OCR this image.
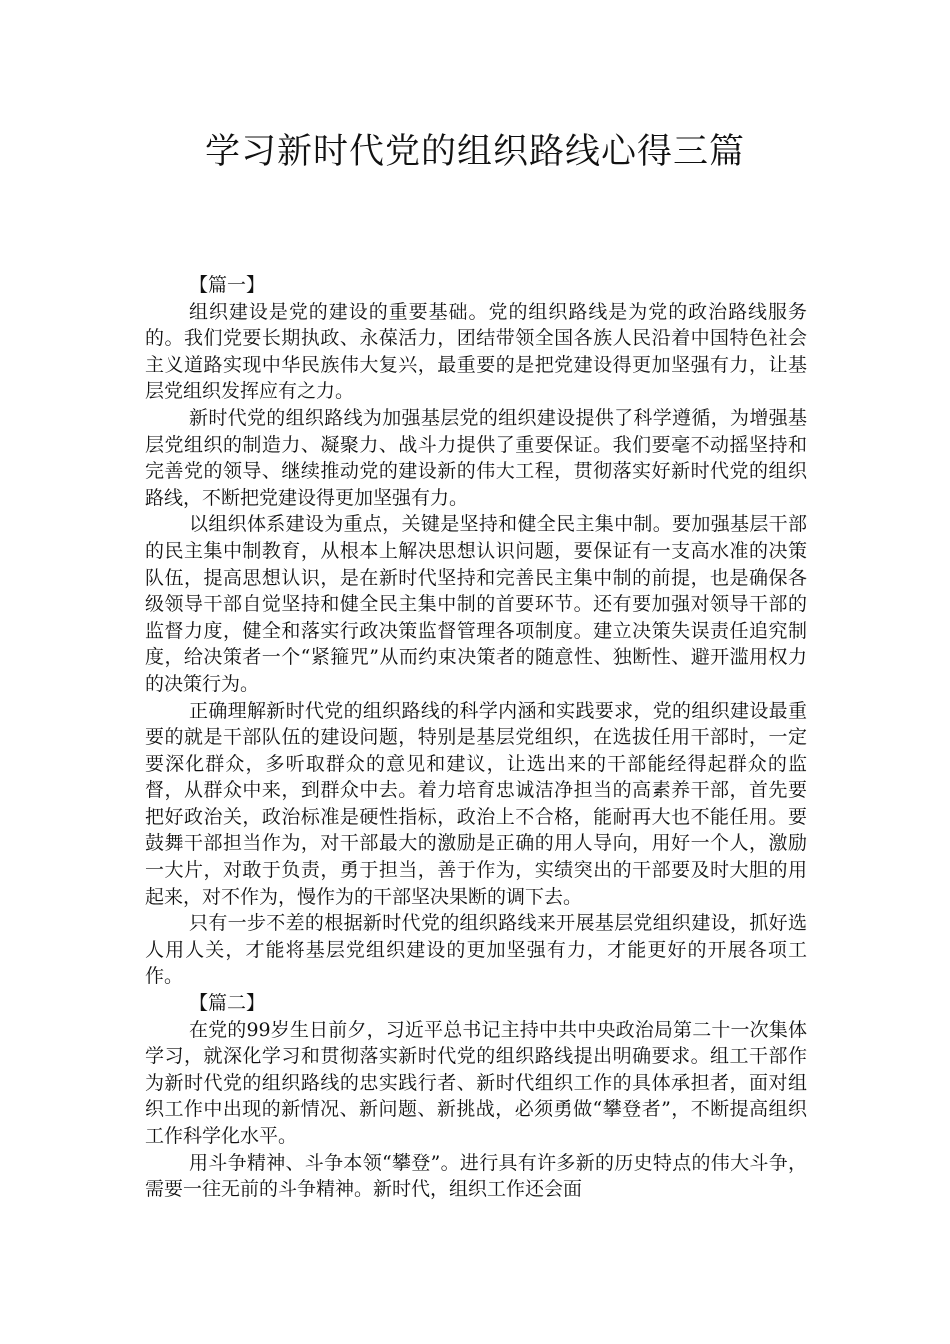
学习新时代党的组织路线心得三篇

【篇一】

组织建设是党的建设的重要基础。党的组织路线是为党的政治路线服务的。我们党要长期执政、永葆活力，团结带领全国各族人民沿着中国特色社会主义道路实现中华民族伟大复兴，最重要的是把党建设得更加坚强有力，让基层党组织发挥应有之力。

新时代党的组织路线为加强基层党的组织建设提供了科学遵循，为增强基层党组织的制造力、凝聚力、战斗力提供了重要保证。我们要毫不动摇坚持和完善党的领导、继续推动党的建设新的伟大工程，贯彻落实好新时代党的组织路线，不断把党建设得更加坚强有力。

以组织体系建设为重点，关键是坚持和健全民主集中制。要加强基层干部的民主集中制教育，从根本上解决思想认识问题，要保证有一支高水准的决策队伍，提高思想认识，是在新时代坚持和完善民主集中制的前提，也是确保各级领导干部自觉坚持和健全民主集中制的首要环节。还有要加强对领导干部的监督力度，健全和落实行政决策监督管理各项制度。建立决策失误责任追究制度，给决策者一个“紧箍咒”从而约束决策者的随意性、独断性、避开滥用权力的决策行为。

正确理解新时代党的组织路线的科学内涵和实践要求，党的组织建设最重要的就是干部队伍的建设问题，特别是基层党组织，在选拔任用干部时，一定要深化群众，多听取群众的意见和建议，让选出来的干部能经得起群众的监督，从群众中来，到群众中去。着力培育忠诚洁净担当的高素养干部，首先要把好政治关，政治标准是硬性指标，政治上不合格，能耐再大也不能任用。要鼓舞干部担当作为，对干部最大的激励是正确的用人导向，用好一个人，激励一大片，对敢于负责，勇于担当，善于作为，实绩突出的干部要及时大胆的用起来，对不作为，慢作为的干部坚决果断的调下去。

只有一步不差的根据新时代党的组织路线来开展基层党组织建设，抓好选人用人关，才能将基层党组织建设的更加坚强有力，才能更好的开展各项工作。

【篇二】

在党的99岁生日前夕，习近平总书记主持中共中央政治局第二十一次集体学习，就深化学习和贯彻落实新时代党的组织路线提出明确要求。组工干部作为新时代党的组织路线的忠实践行者、新时代组织工作的具体承担者，面对组织工作中出现的新情况、新问题、新挑战，必须勇做“攀登者”，不断提高组织工作科学化水平。

用斗争精神、斗争本领“攀登”。进行具有许多新的历史特点的伟大斗争，需要一往无前的斗争精神。新时代，组织工作还会面
